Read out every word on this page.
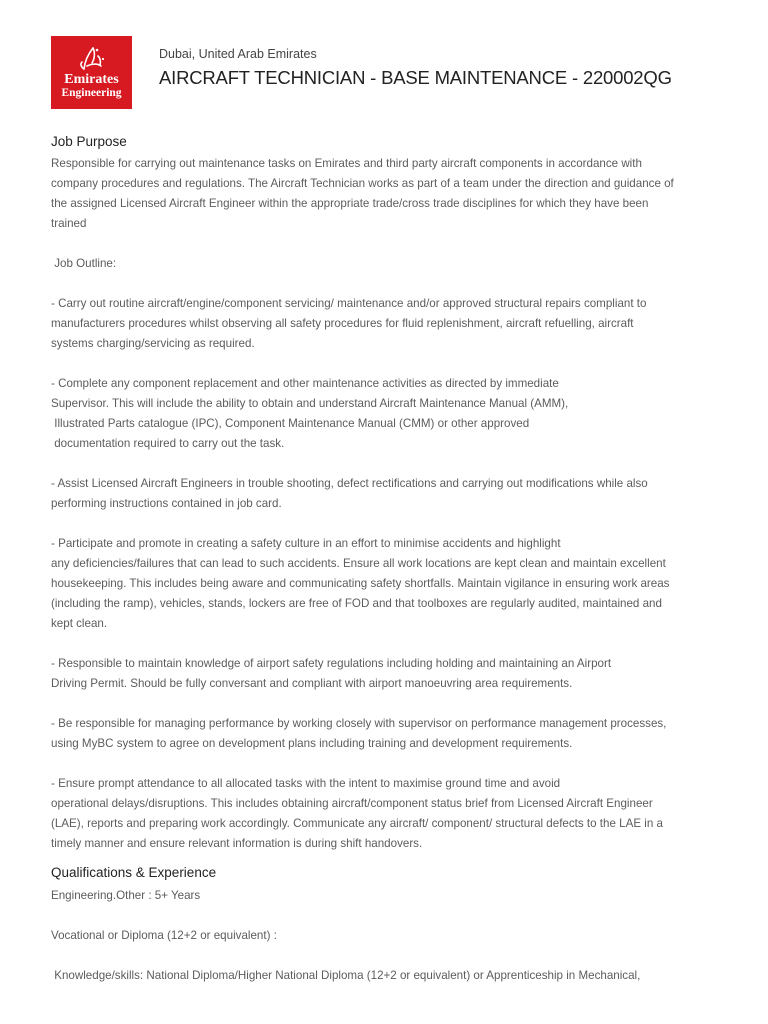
Emirates
Engineering
Dubai, United Arab Emirates
AIRCRAFT TECHNICIAN - BASE MAINTENANCE - 220002QG
Job Purpose
Responsible for carrying out maintenance tasks on Emirates and third party aircraft components in accordance with
company procedures and regulations. The Aircraft Technician works as part of a team under the direction and guidance of
the assigned Licensed Aircraft Engineer within the appropriate trade/cross trade disciplines for which they have been
trained
Job Outline:
- Carry out routine aircraft/engine/component servicing/ maintenance and/or approved structural repairs compliant to
manufacturers procedures whilst observing all safety procedures for fluid replenishment, aircraft refuelling, aircraft
systems charging/servicing as required.
- Complete any component replacement and other maintenance activities as directed by immediate
Supervisor. This will include the ability to obtain and understand Aircraft Maintenance Manual (AMM),
Illustrated Parts catalogue (IPC), Component Maintenance Manual (CMM) or other approved
documentation required to carry out the task.
- Assist Licensed Aircraft Engineers in trouble shooting, defect rectifications and carrying out modifications while also
performing instructions contained in job card.
- Participate and promote in creating a safety culture in an effort to minimise accidents and highlight
any deficiencies/failures that can lead to such accidents. Ensure all work locations are kept clean and maintain excellent
housekeeping. This includes being aware and communicating safety shortfalls. Maintain vigilance in ensuring work areas
(including the ramp), vehicles, stands, lockers are free of FOD and that toolboxes are regularly audited, maintained and
kept clean.
- Responsible to maintain knowledge of airport safety regulations including holding and maintaining an Airport
Driving Permit. Should be fully conversant and compliant with airport manoeuvring area requirements.
- Be responsible for managing performance by working closely with supervisor on performance management processes,
using MyBC system to agree on development plans including training and development requirements.
- Ensure prompt attendance to all allocated tasks with the intent to maximise ground time and avoid
operational delays/disruptions. This includes obtaining aircraft/component status brief from Licensed Aircraft Engineer
(LAE), reports and preparing work accordingly. Communicate any aircraft/ component/ structural defects to the LAE in a
timely manner and ensure relevant information is during shift handovers.
Qualifications & Experience
Engineering.Other : 5+ Years
Vocational or Diploma (12+2 or equivalent) :
Knowledge/skills: National Diploma/Higher National Diploma (12+2 or equivalent) or Apprenticeship in Mechanical,
